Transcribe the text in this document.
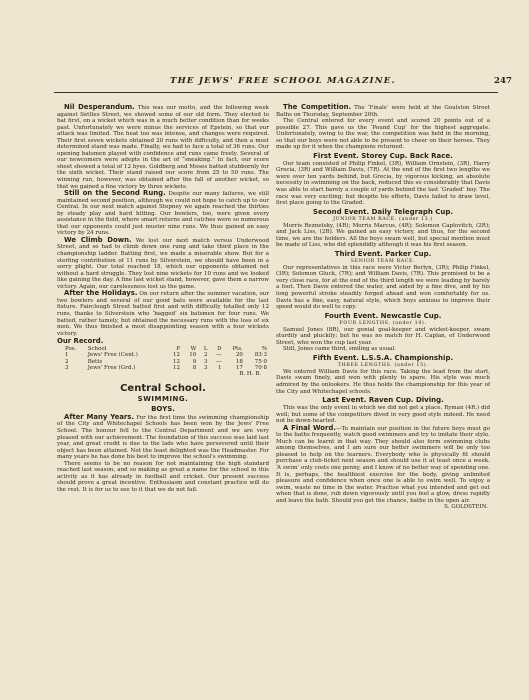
THE JEWS' FREE SCHOOL MAGAZINE.	247

Nil Desperandum. This was our motto, and the following week against Settles Street, we showed some of our old form. They elected to bat first, on a wicket which was in a much better condition than for weeks past. Unfortunately we were minus the services of Epstein, so that our attack was limited. The heat too was intense, and changes were required. Their first seven wickets obtained 20 runs with difficulty, and then a most determined stand was made. Finally, we had to face a total of 36 runs. Our opening batsmen played with confidence and runs came freely. Several of our newcomers were adepts in the art of “sneaking.” In fact, our score sheet showed a total of 12 byes. Goldberg and Moses batted stubbornly for the sixth wicket. Their stand raised our score from 25 to 50 runs. The winning run, however, was obtained after the fall of another wicket, so that we gained a fine victory by three wickets.

Still on the Second Rung. Despite our many failures, we still maintained second position, although we could not hope to catch up to our Central. In our next match against Stepney we again reached the thirties by steady play and hard hitting. Our bowlers, too, were given every assistance in the field, where smart returns and catches were so numerous that our opponents could just muster nine runs. We thus gained an easy victory by 24 runs.

We Climb Down. We lost our next match versus Underwood Street, and so had to climb down one rung and take third place in the championship ladder. Batting first, we made a miserable show. But for a sterling contribution of 11 runs by Silverstein, we should have been in a sorry plight. Our total reached 18, which our opponents obtained not without a hard struggle. They lost nine wickets for 10 runs and we looked like gaining the day. A fine last wicket stand, however, gave them a narrow victory. Again, our carelessness lost us the game.

After the Holidays. On our return after the summer vacation, our two bowlers and several of our good bats were available for the last fixture. Fairclough Street batted first and with difficulty totalled only 12 runs, thanks to Silverstein who ‘bagged’ six batsmen for four runs. We batted, rather tamely, but obtained the necessary runs with the loss of six men. We thus finished a most disappointing season with a four wickets victory.

Our Record.

Pos.	School	P	W	L	D	Pts.	%
1	Jews' Free (Cent.)	12	10	2	—	20	83·3
2	Betts	12	9	3	—	18	75·0
3	Jews' Free (Grd.)	12	8	3	1	17	70·8
B. H. B.
Central School.
SWIMMING.
BOYS.

After Many Years. For the first time the swimming championship of the City and Whitechapel Schools has been won by the Jews' Free School. The honour fell to the Central Department and we are very pleased with our achievement. The foundation of this success was laid last year, and great credit is due to the lads who have persevered until their object has been attained. Not the least delighted was the Headmaster. For many years he has done his best to improve the school's swimming.

There seems to be no reason for not maintaining the high standard reached last season, and so making as great a name for the school in this activity as it has already in football and cricket. Our present success should prove a great incentive. Enthusiasm and constant practice will do the rest. It is for us to see to it that we do not fail.

The Competition. The ‘Finals’ were held at the Goulston Street Baths on Thursday, September 20th.

The Central entered for every event and scored 20 points out of a possible 27. This gave us the ‘Pound Cup’ for the highest aggregate. Unfortunately, owing to the war, the competition was held in the morning, so that our boys were not able to be present to cheer on their heroes. They made up for it when the champions returned.

First Event. Storey Cup. Back Race.

Our team consisted of Philip Finkel, (3R), William Ornstein, (3R), Harry Grecia, (3R) and William Davis, (7R). At the end of the first two lengths we were over ten yards behind, but Grecia, by vigorous kicking, an absolute necessity in swimming on the back, reduced this so considerably that Davis was able to start barely a couple of yards behind the last ‘Graded’ boy. The race was very exciting; but despite his efforts, Davis failed to draw level, first place going to the Graded.

Second Event. Daily Telegraph Cup.
JUNIOR TEAM RACE. (under 13.)

Morris Reznetsky, (4R); Morris Marcus, (4R); Solomon Caplovitch, (2R); and Jack Liss, (2R). We gained an easy victory, and thus, for the second time, we are the holders. All the boys swam well, but special mention must be made of Liss, who did splendidly although it was his first season.

Third Event. Parker Cup.
SENIOR TEAM RACE.

Our representatives in this race were Victor Berlyn, (3R); Philip Finkel, (3R); Solomon Gluck, (7R); and William Davis, (7R). This promised to be a very close race, for at the end of the third length we were leading by barely a foot. Then Davis entered the water, and aided by a fine dive, and by his long powerful stroke steadily forged ahead and won comfortably for us. Davis has a fine, easy, natural style, which boys anxious to improve their speed would do well to copy.

Fourth Event. Newcastle Cup.
FOUR LENGTHS. (under 14).

Samuel Jones (8R), our genial goal-keeper and wicket-keeper, swam sturdily and pluckily; but he was no match for H. Caplan, of Underwood Street, who won the cup last year.

Still, Jones came third, smiling as usual.

Fifth Event. L.S.S.A. Championship.
THREE LENGTHS. (under 15).

We entered William Davis for this race. Taking the lead from the start, Davis swam finely, and won with plenty to spare. His style was much admired by the onlookers. He thus holds the championship for this year of the City and Whitechapel schools.

Last Event. Raven Cup. Diving.

This was the only event in which we did not get a place. Ryman (4R.) did well; but some of the competitors dived in very good style indeed. He need not be down-hearted.

A Final Word.—To maintain our position in the future boys must go to the baths frequently, watch good swimmers and try to imitate their style. Much can be learnt in that way. They should also form swimming clubs among themselves, and I am sure our better swimmers will be only too pleased to help on the learners. Everybody who is physically fit should purchase a club-ticket next season and should use it at least once a week. ‘A swim’ only costs one penny, and I know of no better way of spending one. It is, perhaps, the healthiest exercise for the body, giving unlimited pleasure and confidence when once one is able to swim well. To enjoy a swim, waste no time in the water. Practise what you intended and get out when that is done, rub down vigorously until you feel a glow, dress rapidly and leave the bath. Should you get the chance, bathe in the open air.

S. GOLDSTEIN.
